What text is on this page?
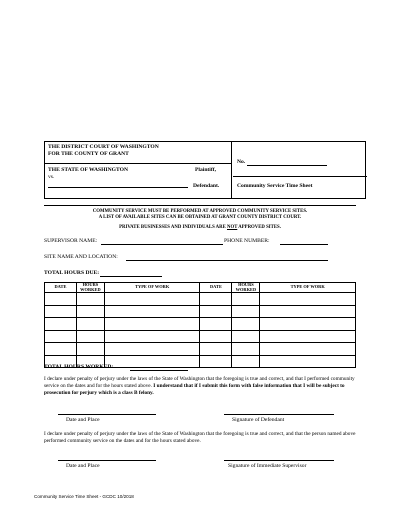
THE DISTRICT COURT OF WASHINGTON
FOR THE COUNTY OF GRANT
THE STATE OF WASHINGTON	Plaintiff,
vs.
Defendant.
No.
Community Service Time Sheet
COMMUNITY SERVICE MUST BE PERFORMED AT APPROVED COMMUNITY SERVICE SITES.
A LIST OF AVAILABLE SITES CAN BE OBTAINED AT GRANT COUNTY DISTRICT COURT.
PRIVATE BUSINESSES AND INDIVIDUALS ARE NOT APPROVED SITES.
SUPERVISOR NAME:	PHONE NUMBER:
SITE NAME AND LOCATION:
TOTAL HOURS DUE:
DATE	HOURS WORKED	TYPE OF WORK	DATE	HOURS WORKED	TYPE OF WORK

TOTAL HOURS WORKED:
I declare under penalty of perjury under the laws of the State of Washington that the foregoing is true and correct, and that I performed community service on the dates and for the hours stated above. I understand that if I submit this form with false information that I will be subject to prosecution for perjury which is a class B felony.
Date and Place	Signature of Defendant
I declare under penalty of perjury under the laws of the State of Washington that the foregoing is true and correct, and that the person named above performed community service on the dates and for the hours stated above.
Date and Place	Signature of Immediate Supervisor
Community Service Time Sheet - GCDC 10/2018
